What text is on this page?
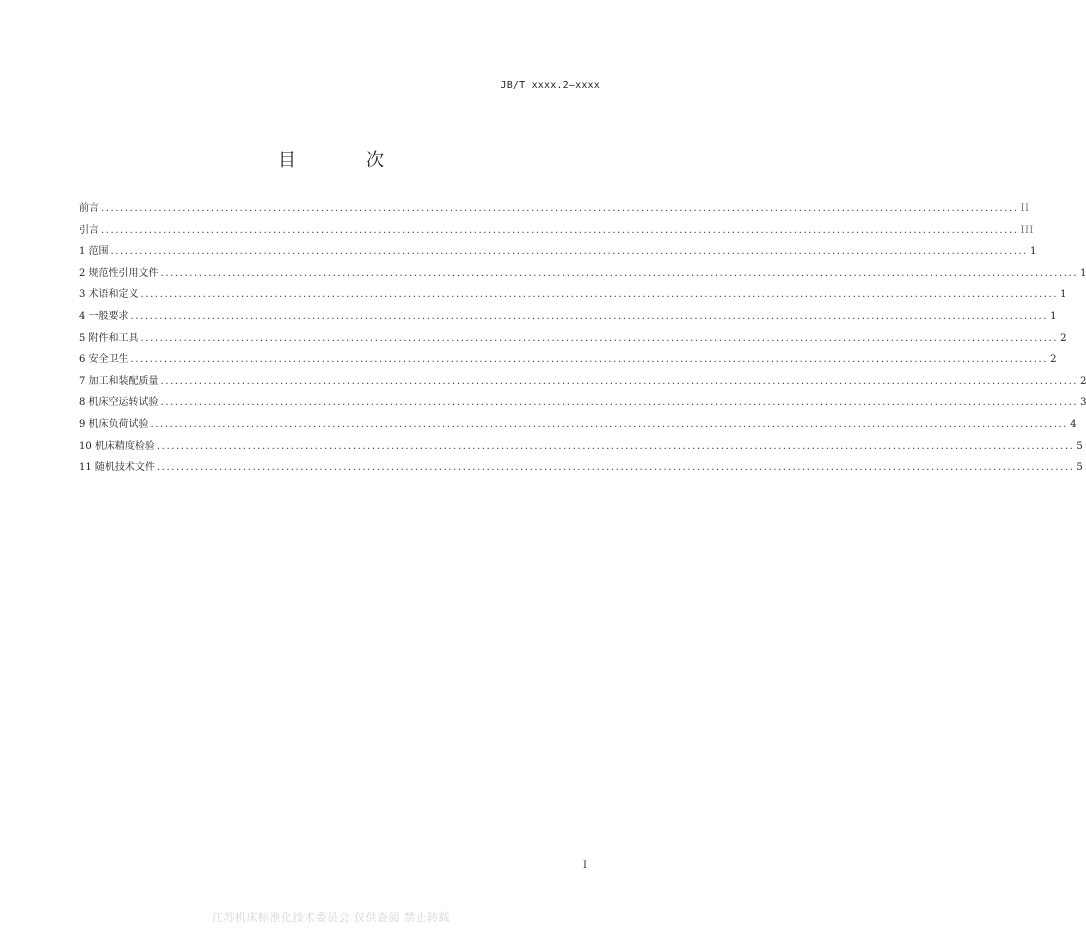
JB/T xxxx.2—xxxx
目　次
前言 ................................................................................................................................................................................................ II
引言 ................................................................................................................................................................................................ III
1 范围 ................................................................................................................................................................................................ 1
2 规范性引用文件 ................................................................................................................................................................................................ 1
3 术语和定义 ................................................................................................................................................................................................ 1
4 一般要求 ................................................................................................................................................................................................ 1
5 附件和工具 ................................................................................................................................................................................................ 2
6 安全卫生 ................................................................................................................................................................................................ 2
7 加工和装配质量 ................................................................................................................................................................................................ 2
8 机床空运转试验 ................................................................................................................................................................................................ 3
9 机床负荷试验 ................................................................................................................................................................................................ 4
10 机床精度检验 ................................................................................................................................................................................................ 5
11 随机技术文件 ................................................................................................................................................................................................ 5
I
江苏机床标准化技术委员会 仅供查阅 禁止转载
